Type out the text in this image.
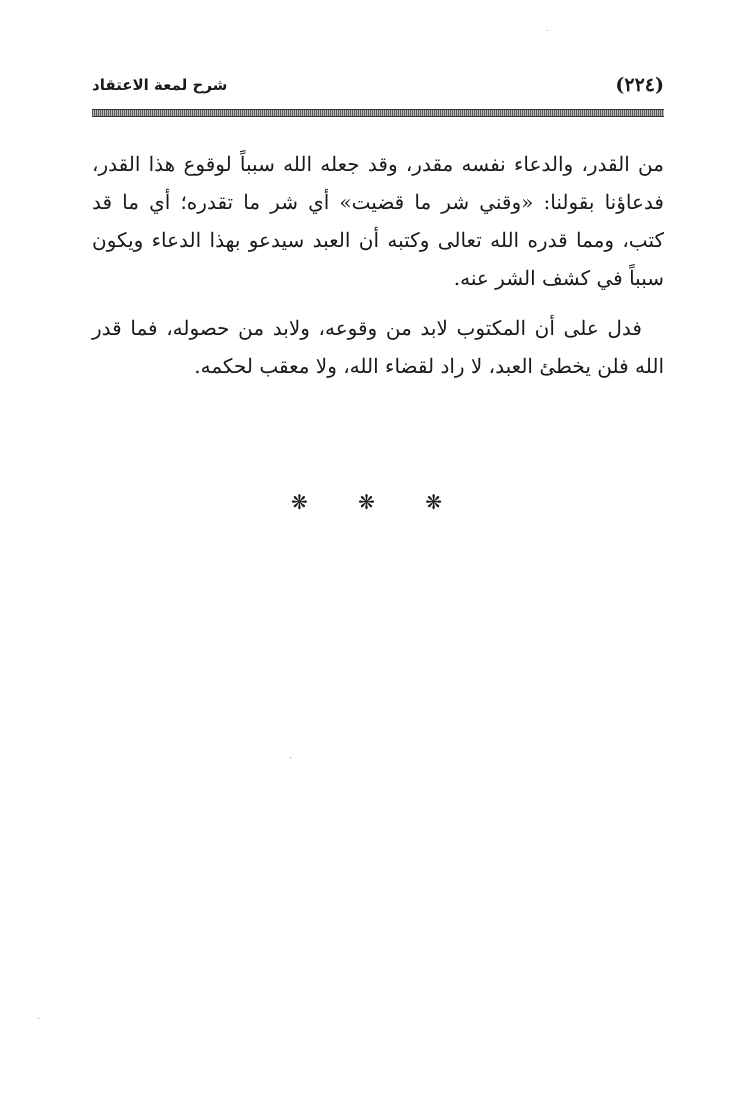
(٢٢٤)
شرح لمعة الاعتقاد

من القدر، والدعاء نفسه مقدر، وقد جعله الله سبباً لوقوع هذا القدر، فدعاؤنا بقولنا: «وقني شر ما قضيت» أي شر ما تقدره؛ أي ما قد كتب، ومما قدره الله تعالى وكتبه أن العبد سيدعو بهذا الدعاء ويكون سبباً في كشف الشر عنه.

فدل على أن المكتوب لابد من وقوعه، ولابد من حصوله، فما قدر الله فلن يخطئ العبد، لا راد لقضاء الله، ولا معقب لحكمه.

❋ ❋ ❋
